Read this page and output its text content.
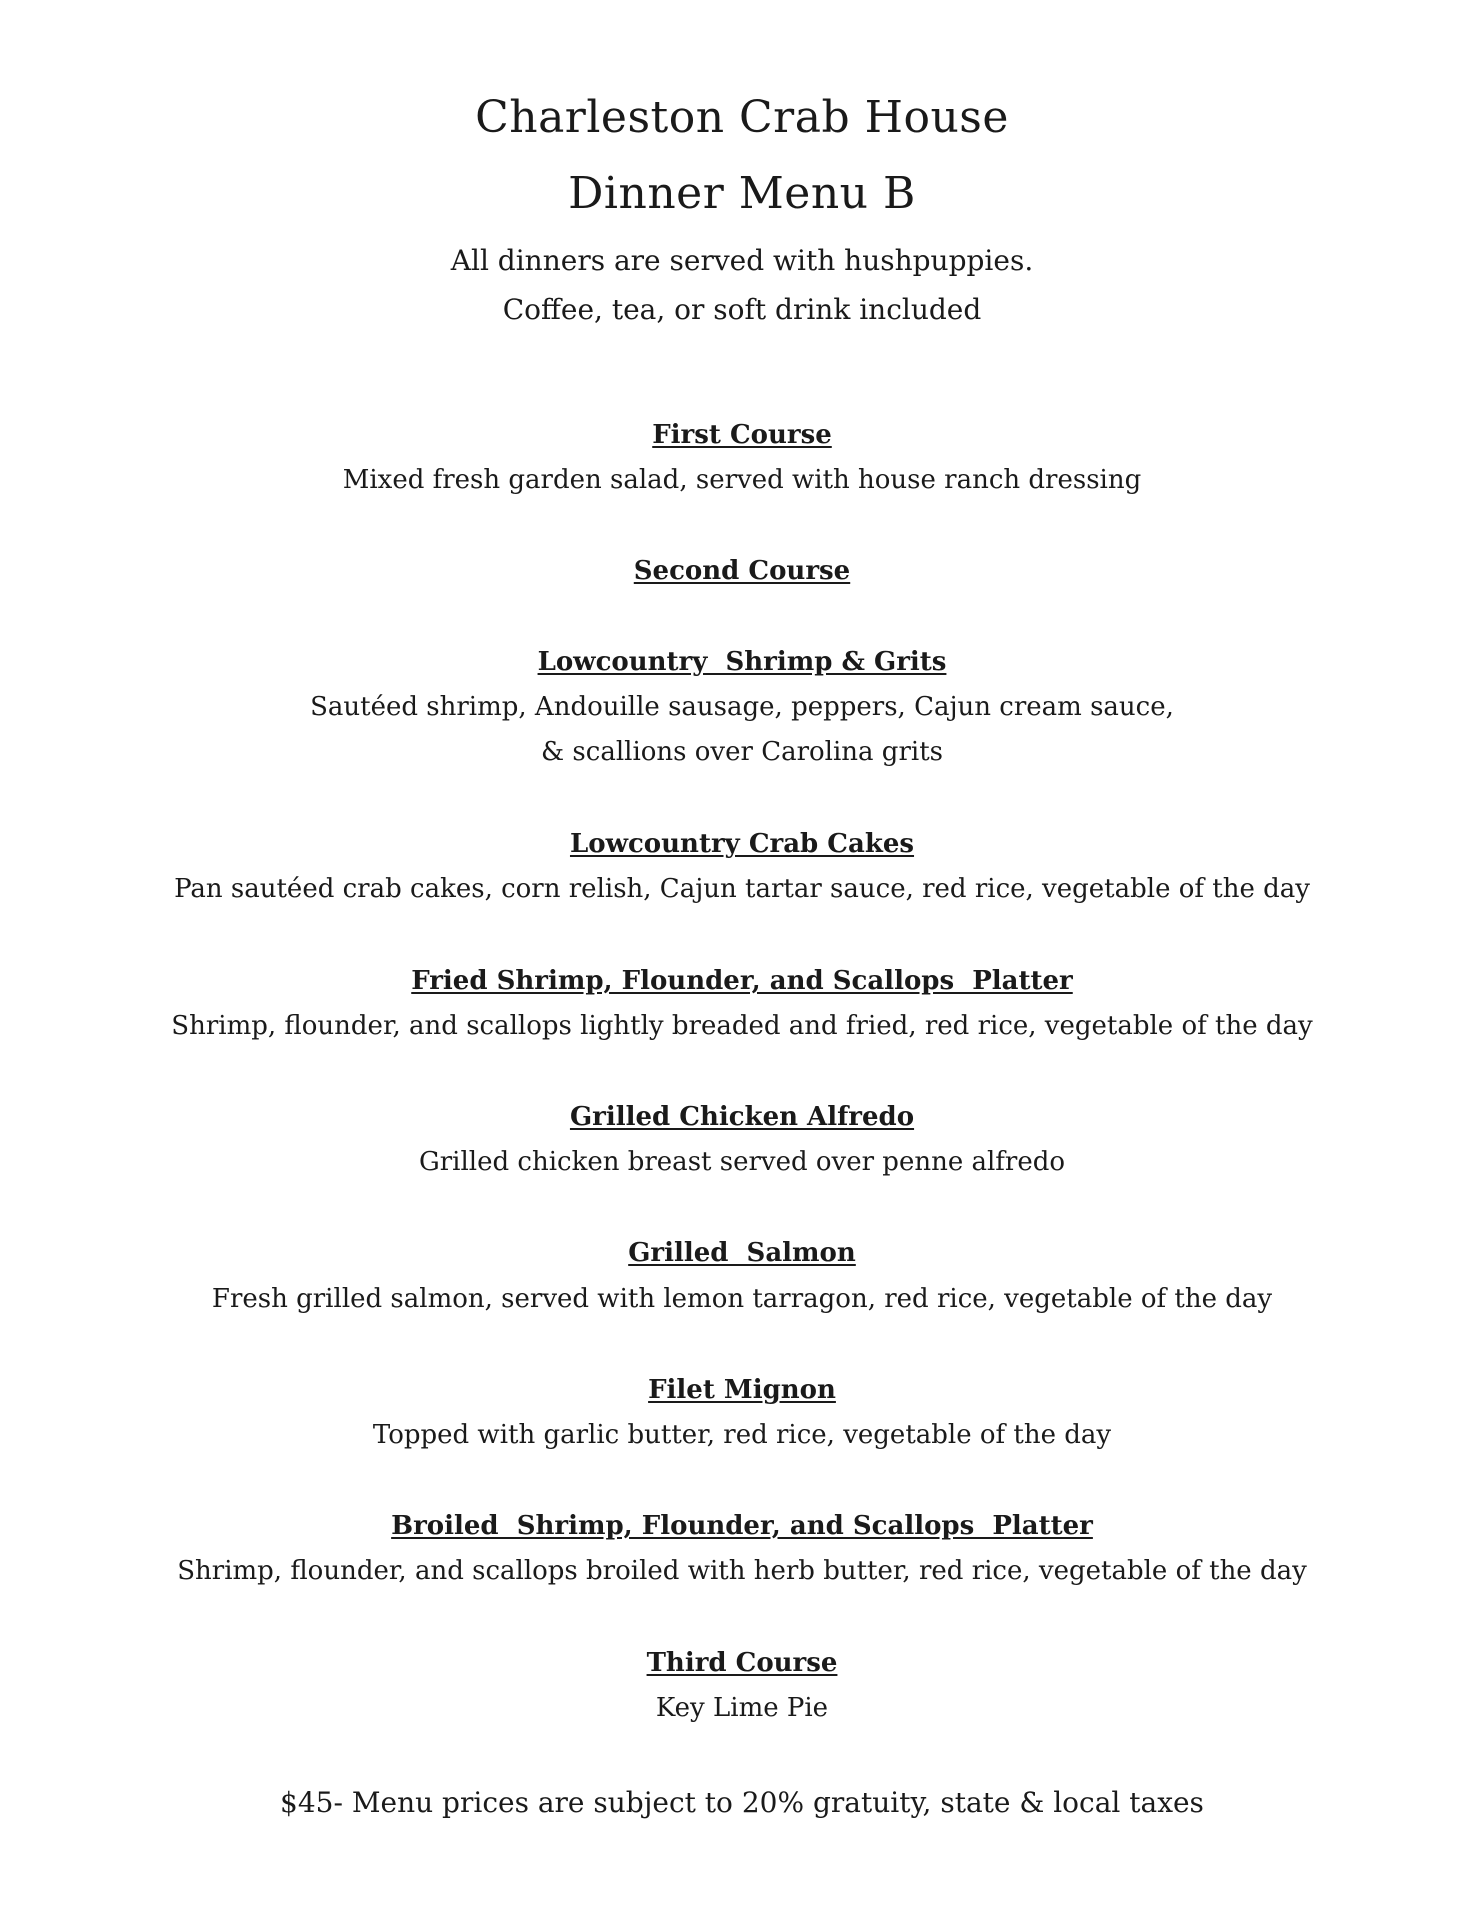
Charleston Crab House
Dinner Menu B
All dinners are served with hushpuppies.
Coffee, tea, or soft drink included
First Course
Mixed fresh garden salad, served with house ranch dressing
Second Course
Lowcountry  Shrimp & Grits
Sautéed shrimp, Andouille sausage, peppers, Cajun cream sauce,
& scallions over Carolina grits
Lowcountry Crab Cakes
Pan sautéed crab cakes, corn relish, Cajun tartar sauce, red rice, vegetable of the day
Fried Shrimp, Flounder, and Scallops  Platter
Shrimp, flounder, and scallops lightly breaded and fried, red rice, vegetable of the day
Grilled Chicken Alfredo
Grilled chicken breast served over penne alfredo
Grilled  Salmon
Fresh grilled salmon, served with lemon tarragon, red rice, vegetable of the day
Filet Mignon
Topped with garlic butter, red rice, vegetable of the day
Broiled  Shrimp, Flounder, and Scallops  Platter
Shrimp, flounder, and scallops broiled with herb butter, red rice, vegetable of the day
Third Course
Key Lime Pie
$45- Menu prices are subject to 20% gratuity, state & local taxes
